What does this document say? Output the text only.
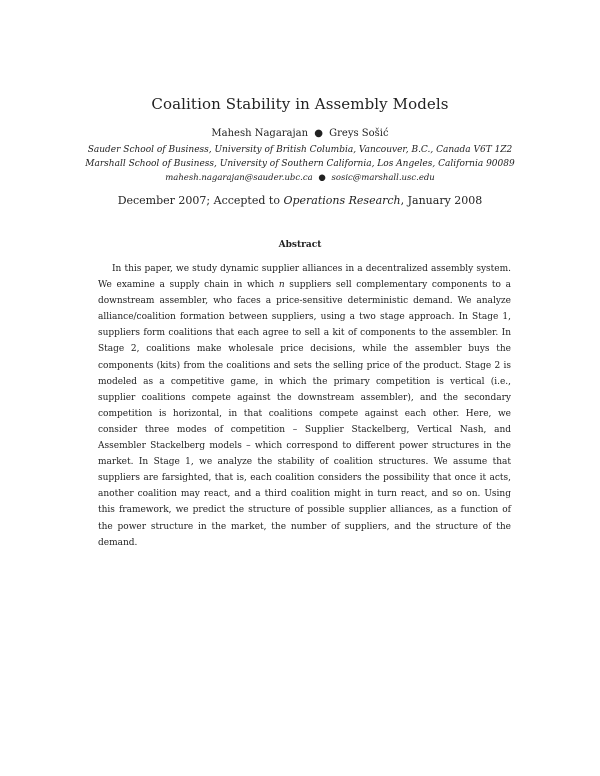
Coalition Stability in Assembly Models
Mahesh Nagarajan ● Greys Sošić
Sauder School of Business, University of British Columbia, Vancouver, B.C., Canada V6T 1Z2
Marshall School of Business, University of Southern California, Los Angeles, California 90089
mahesh.nagarajan@sauder.ubc.ca ● sosic@marshall.usc.edu
December 2007; Accepted to Operations Research, January 2008
Abstract

In this paper, we study dynamic supplier alliances in a decentralized assembly system. We examine a supply chain in which n suppliers sell complementary components to a downstream assembler, who faces a price-sensitive deterministic demand. We analyze alliance/coalition formation between suppliers, using a two stage approach. In Stage 1, suppliers form coalitions that each agree to sell a kit of components to the assembler. In Stage 2, coalitions make wholesale price decisions, while the assembler buys the components (kits) from the coalitions and sets the selling price of the product. Stage 2 is modeled as a competitive game, in which the primary competition is vertical (i.e., supplier coalitions compete against the downstream assembler), and the secondary competition is horizontal, in that coalitions compete against each other. Here, we consider three modes of competition – Supplier Stackelberg, Vertical Nash, and Assembler Stackelberg models – which correspond to different power structures in the market. In Stage 1, we analyze the stability of coalition structures. We assume that suppliers are farsighted, that is, each coalition considers the possibility that once it acts, another coalition may react, and a third coalition might in turn react, and so on. Using this framework, we predict the structure of possible supplier alliances, as a function of the power structure in the market, the number of suppliers, and the structure of the demand.
